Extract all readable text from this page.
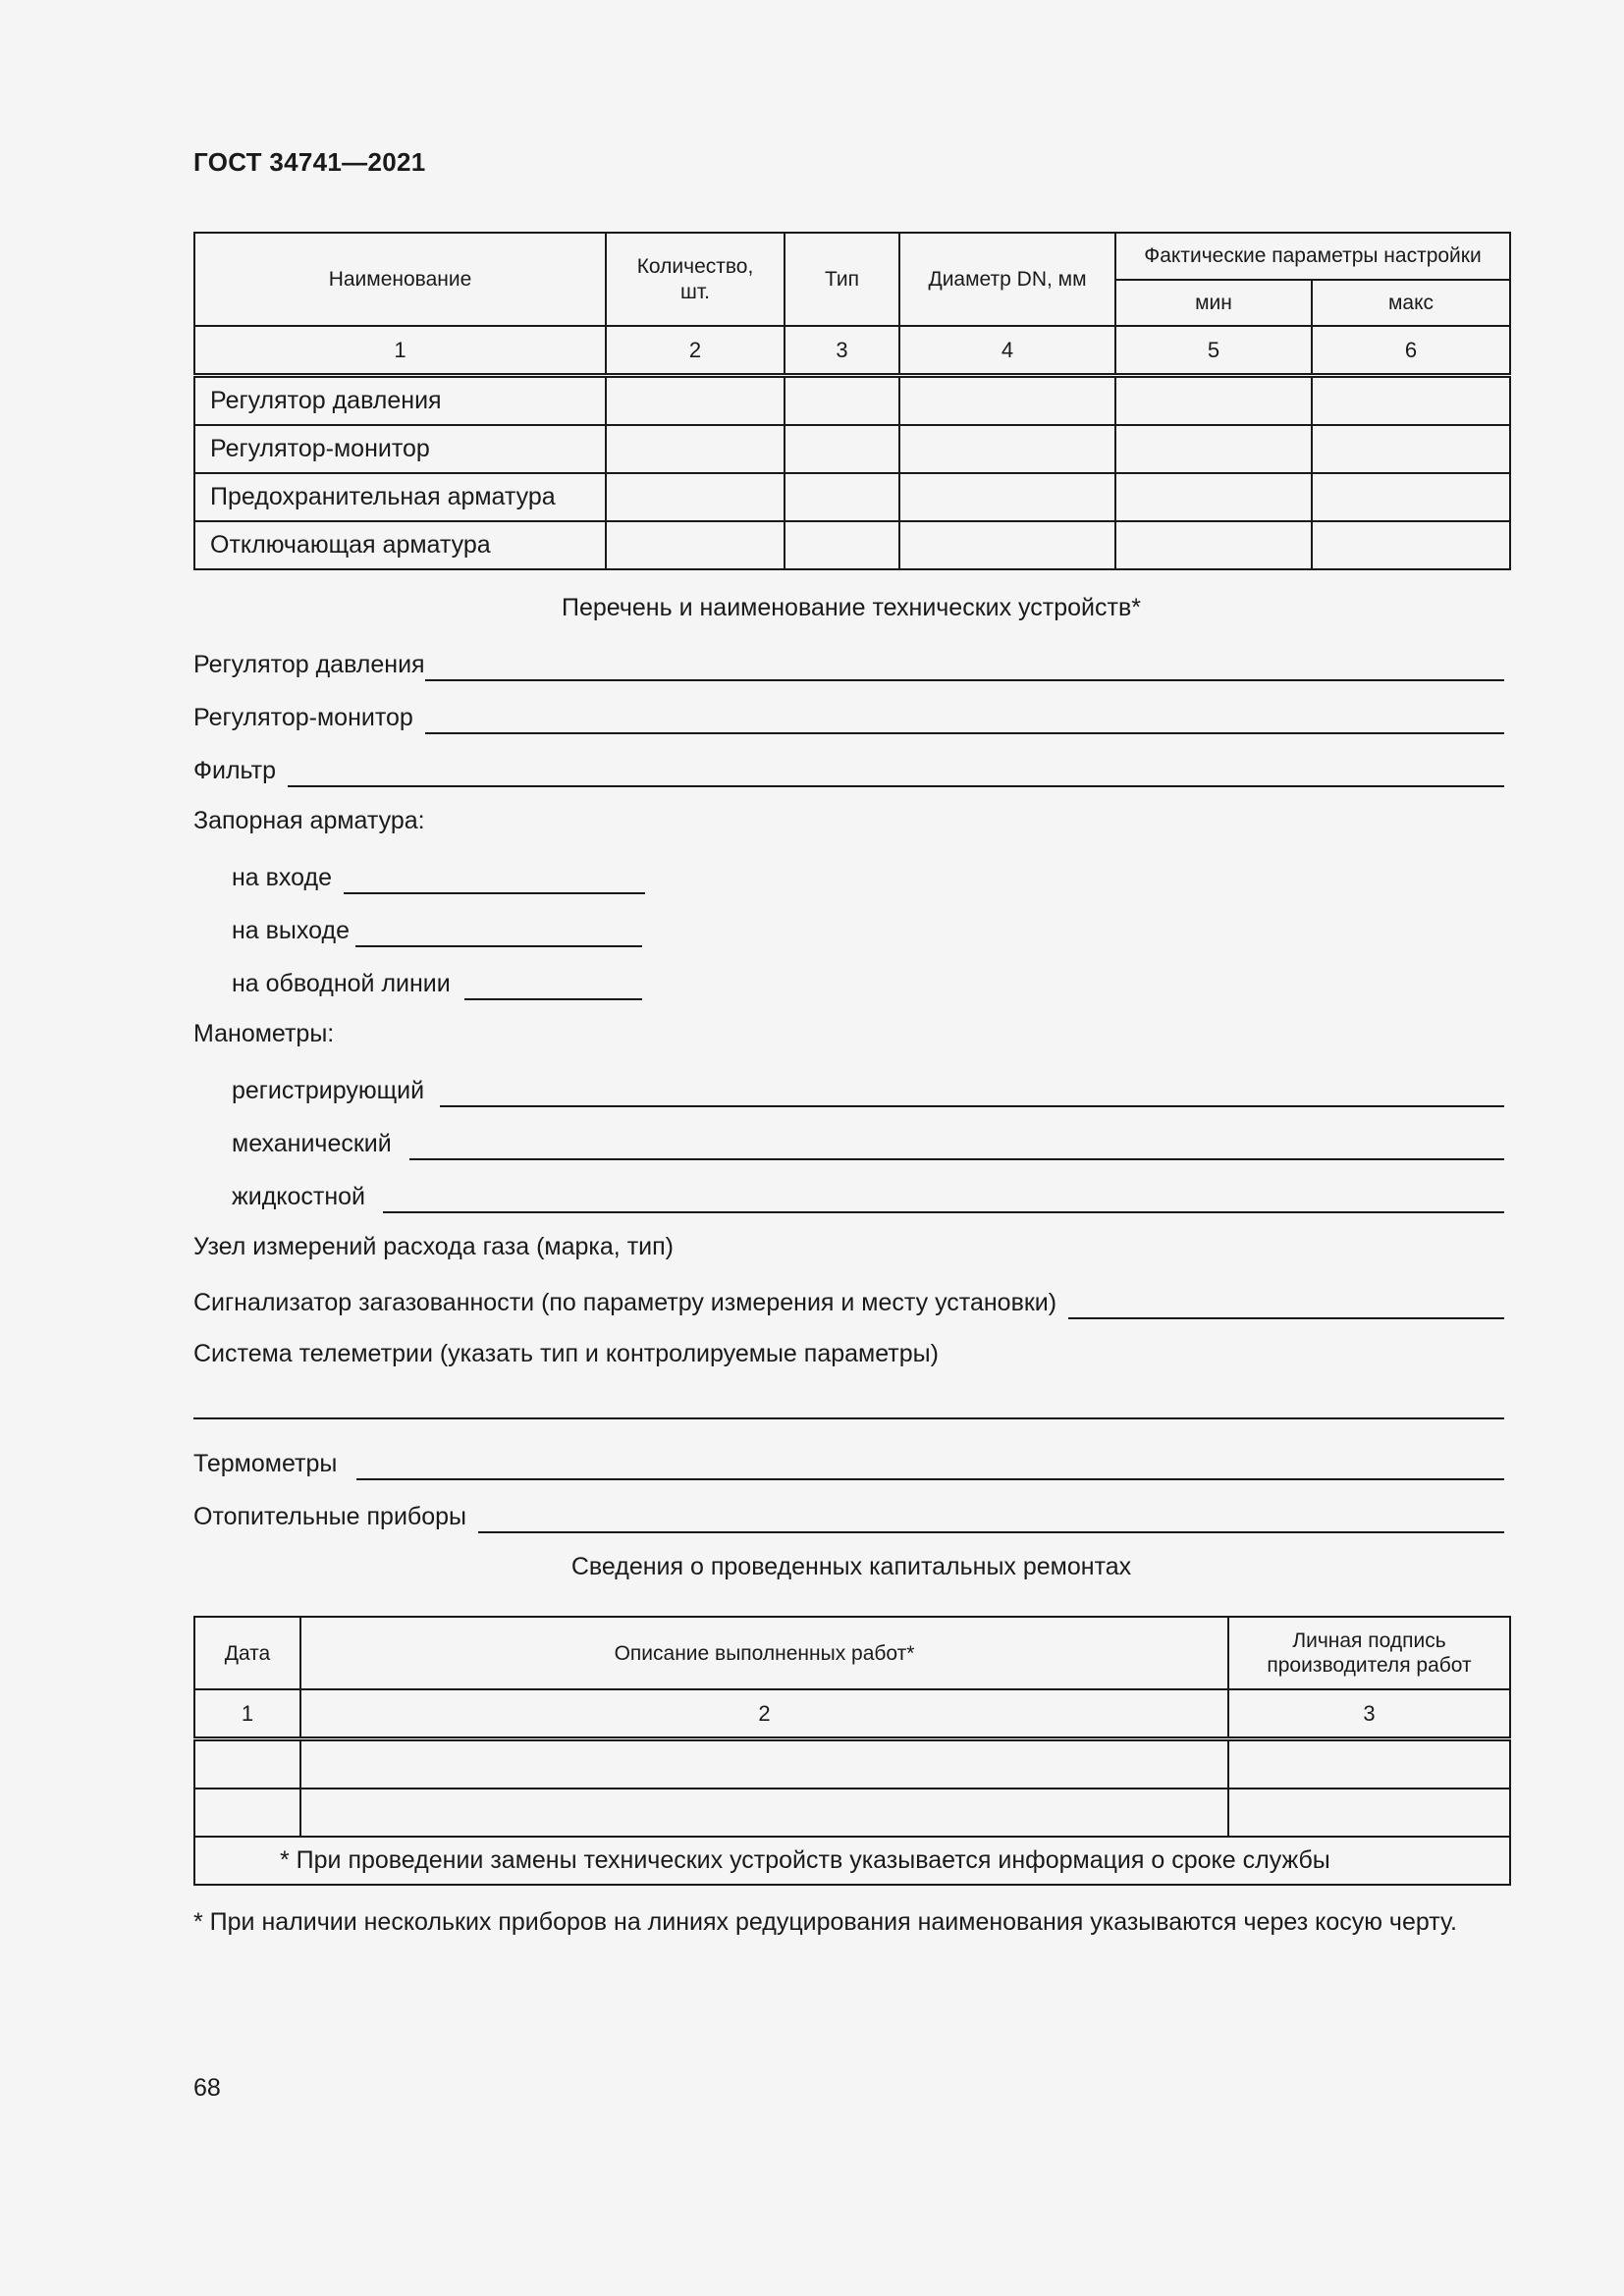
ГОСТ 34741—2021
Наименование	Количество, шт.	Тип	Диаметр DN, мм	Фактические параметры настройки	
				мин	макс
1	2	3	4	5	6
Регулятор давления					
Регулятор-монитор					
Предохранительная арматура					
Отключающая арматура					
Перечень и наименование технических устройств*
Регулятор давления
Регулятор-монитор
Фильтр
Запорная арматура:
на входе
на выходе
на обводной линии
Манометры:
регистрирующий
механический
жидкостной
Узел измерений расхода газа (марка, тип)
Сигнализатор загазованности (по параметру измерения и месту установки)
Система телеметрии (указать тип и контролируемые параметры)
Термометры
Отопительные приборы
Сведения о проведенных капитальных ремонтах
Дата	Описание выполненных работ*	Личная подпись производителя работ
1	2	3

* При проведении замены технических устройств указывается информация о сроке службы		
* При наличии нескольких приборов на линиях редуцирования наименования указываются через косую черту.
68
